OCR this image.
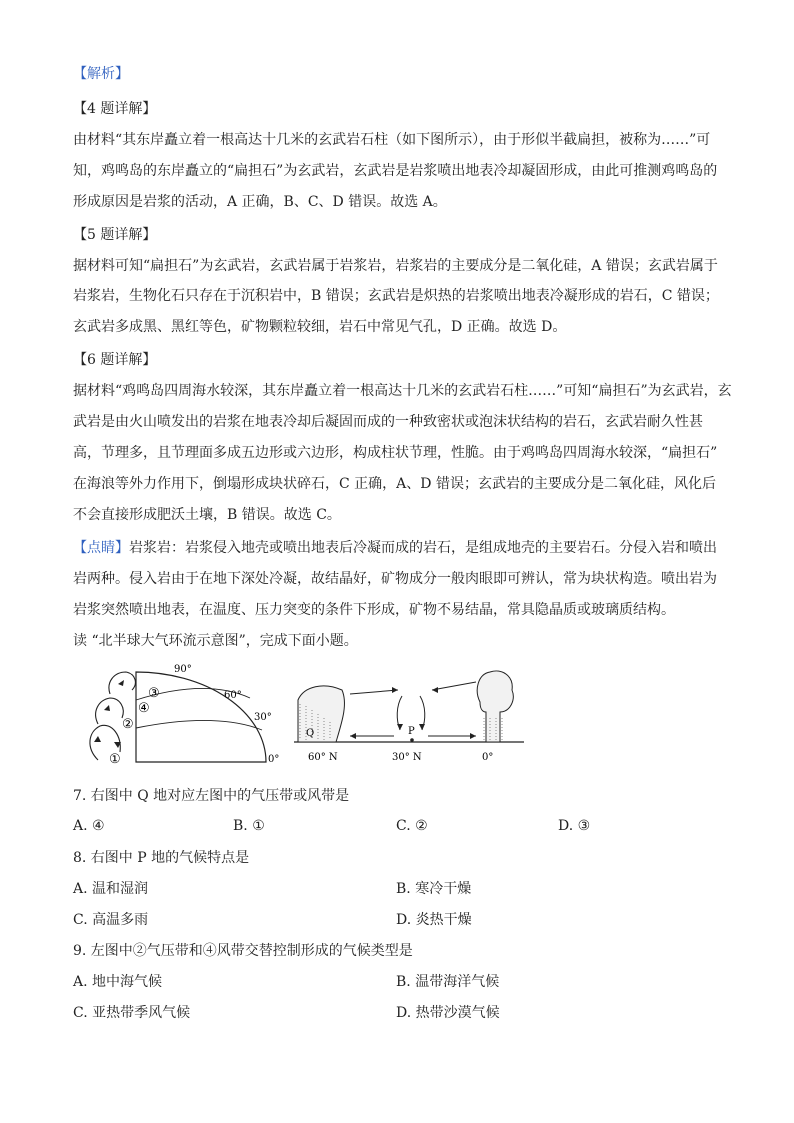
【解析】
【4 题详解】
由材料“其东岸矗立着一根高达十几米的玄武岩石柱（如下图所示），由于形似半截扁担，被称为……”可
知，鸡鸣岛的东岸矗立的“扁担石”为玄武岩，玄武岩是岩浆喷出地表冷却凝固形成，由此可推测鸡鸣岛的
形成原因是岩浆的活动，A 正确，B、C、D 错误。故选 A。
【5 题详解】
据材料可知“扁担石”为玄武岩，玄武岩属于岩浆岩，岩浆岩的主要成分是二氧化硅，A 错误；玄武岩属于
岩浆岩，生物化石只存在于沉积岩中，B 错误；玄武岩是炽热的岩浆喷出地表冷凝形成的岩石，C 错误；
玄武岩多成黑、黑红等色，矿物颗粒较细，岩石中常见气孔，D 正确。故选 D。
【6 题详解】
据材料“鸡鸣岛四周海水较深，其东岸矗立着一根高达十几米的玄武岩石柱……”可知“扁担石”为玄武岩，玄
武岩是由火山喷发出的岩浆在地表冷却后凝固而成的一种致密状或泡沫状结构的岩石，玄武岩耐久性甚
高，节理多，且节理面多成五边形或六边形，构成柱状节理，性脆。由于鸡鸣岛四周海水较深，“扁担石”
在海浪等外力作用下，倒塌形成块状碎石，C 正确，A、D 错误；玄武岩的主要成分是二氧化硅，风化后
不会直接形成肥沃土壤，B 错误。故选 C。
【点睛】岩浆岩：岩浆侵入地壳或喷出地表后冷凝而成的岩石，是组成地壳的主要岩石。分侵入岩和喷出
岩两种。侵入岩由于在地下深处冷凝，故结晶好，矿物成分一般肉眼即可辨认，常为块状构造。喷出岩为
岩浆突然喷出地表，在温度、压力突变的条件下形成，矿物不易结晶，常具隐晶质或玻璃质结构。
读 “北半球大气环流示意图”，完成下面小题。
90°
60°
30°
0°
③
④
②
①
Q	P
60° N	30° N	0°
7. 右图中 Q 地对应左图中的气压带或风带是
A. ④	B. ①	C. ②	D. ③
8. 右图中 P 地的气候特点是
A. 温和湿润	B. 寒冷干燥
C. 高温多雨	D. 炎热干燥
9. 左图中②气压带和④风带交替控制形成的气候类型是
A. 地中海气候	B. 温带海洋气候
C. 亚热带季风气候	D. 热带沙漠气候
